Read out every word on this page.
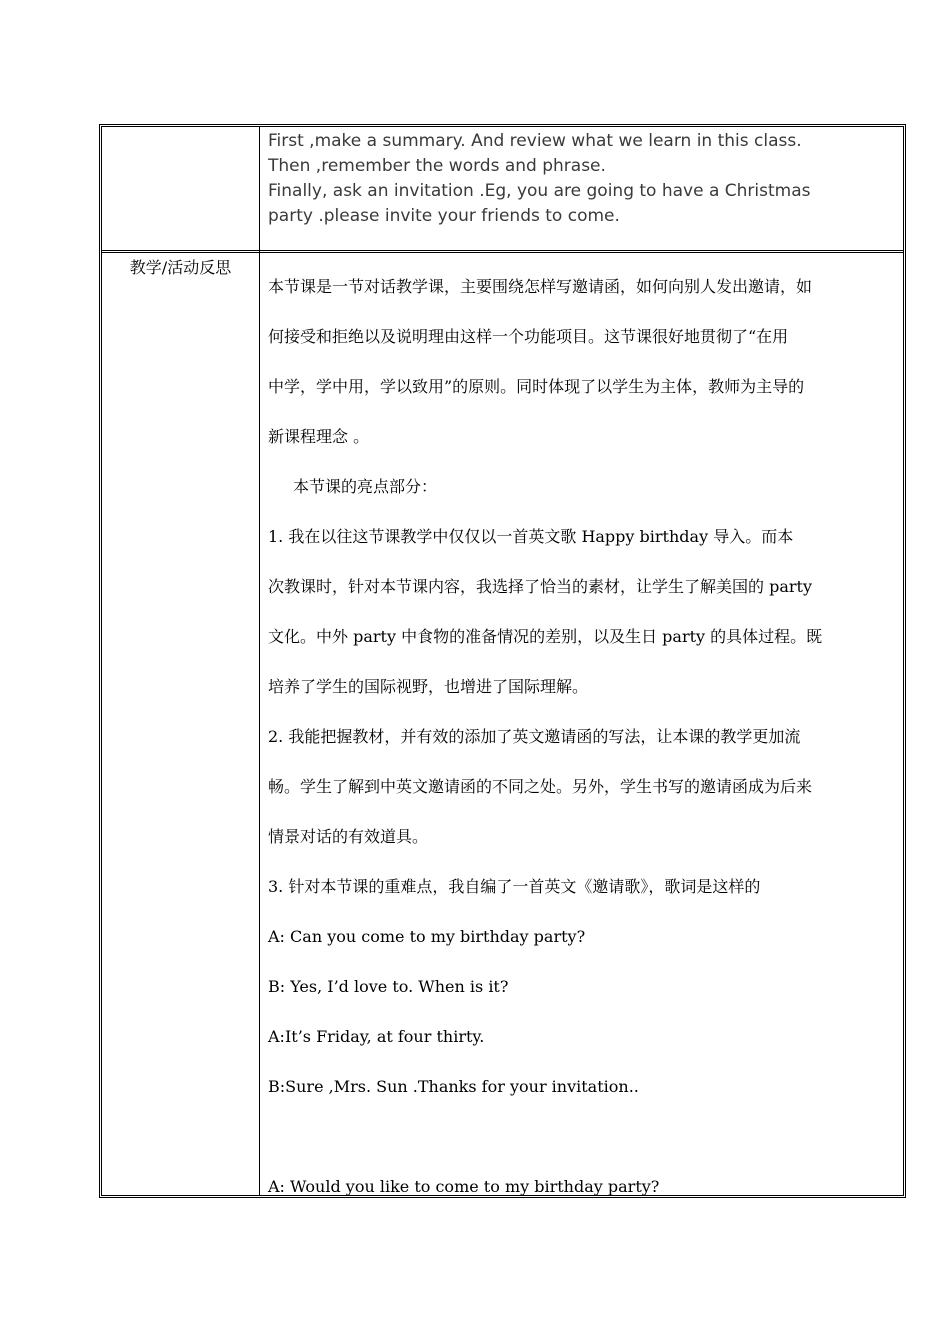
First ,make a summary. And review what we learn in this class.

Then ,remember the words and phrase.

Finally, ask an invitation .Eg, you are going to have a Christmas

party .please invite your friends to come.

教学/活动反思

本节课是一节对话教学课，主要围绕怎样写邀请函，如何向别人发出邀请，如

何接受和拒绝以及说明理由这样一个功能项目。这节课很好地贯彻了“在用

中学，学中用，学以致用”的原则。同时体现了以学生为主体，教师为主导的

新课程理念 。

本节课的亮点部分：

1. 我在以往这节课教学中仅仅以一首英文歌 Happy birthday 导入。而本

次教课时，针对本节课内容，我选择了恰当的素材，让学生了解美国的 party

文化。中外 party 中食物的准备情况的差别，以及生日 party 的具体过程。既

培养了学生的国际视野，也增进了国际理解。

2. 我能把握教材，并有效的添加了英文邀请函的写法，让本课的教学更加流

畅。学生了解到中英文邀请函的不同之处。另外，学生书写的邀请函成为后来

情景对话的有效道具。

3. 针对本节课的重难点，我自编了一首英文《邀请歌》，歌词是这样的

A: Can you come to my birthday party?

B: Yes, I’d love to. When is it?

A:It’s Friday, at four thirty.

B:Sure ,Mrs. Sun .Thanks for your invitation..

A: Would you like to come to my birthday party?
